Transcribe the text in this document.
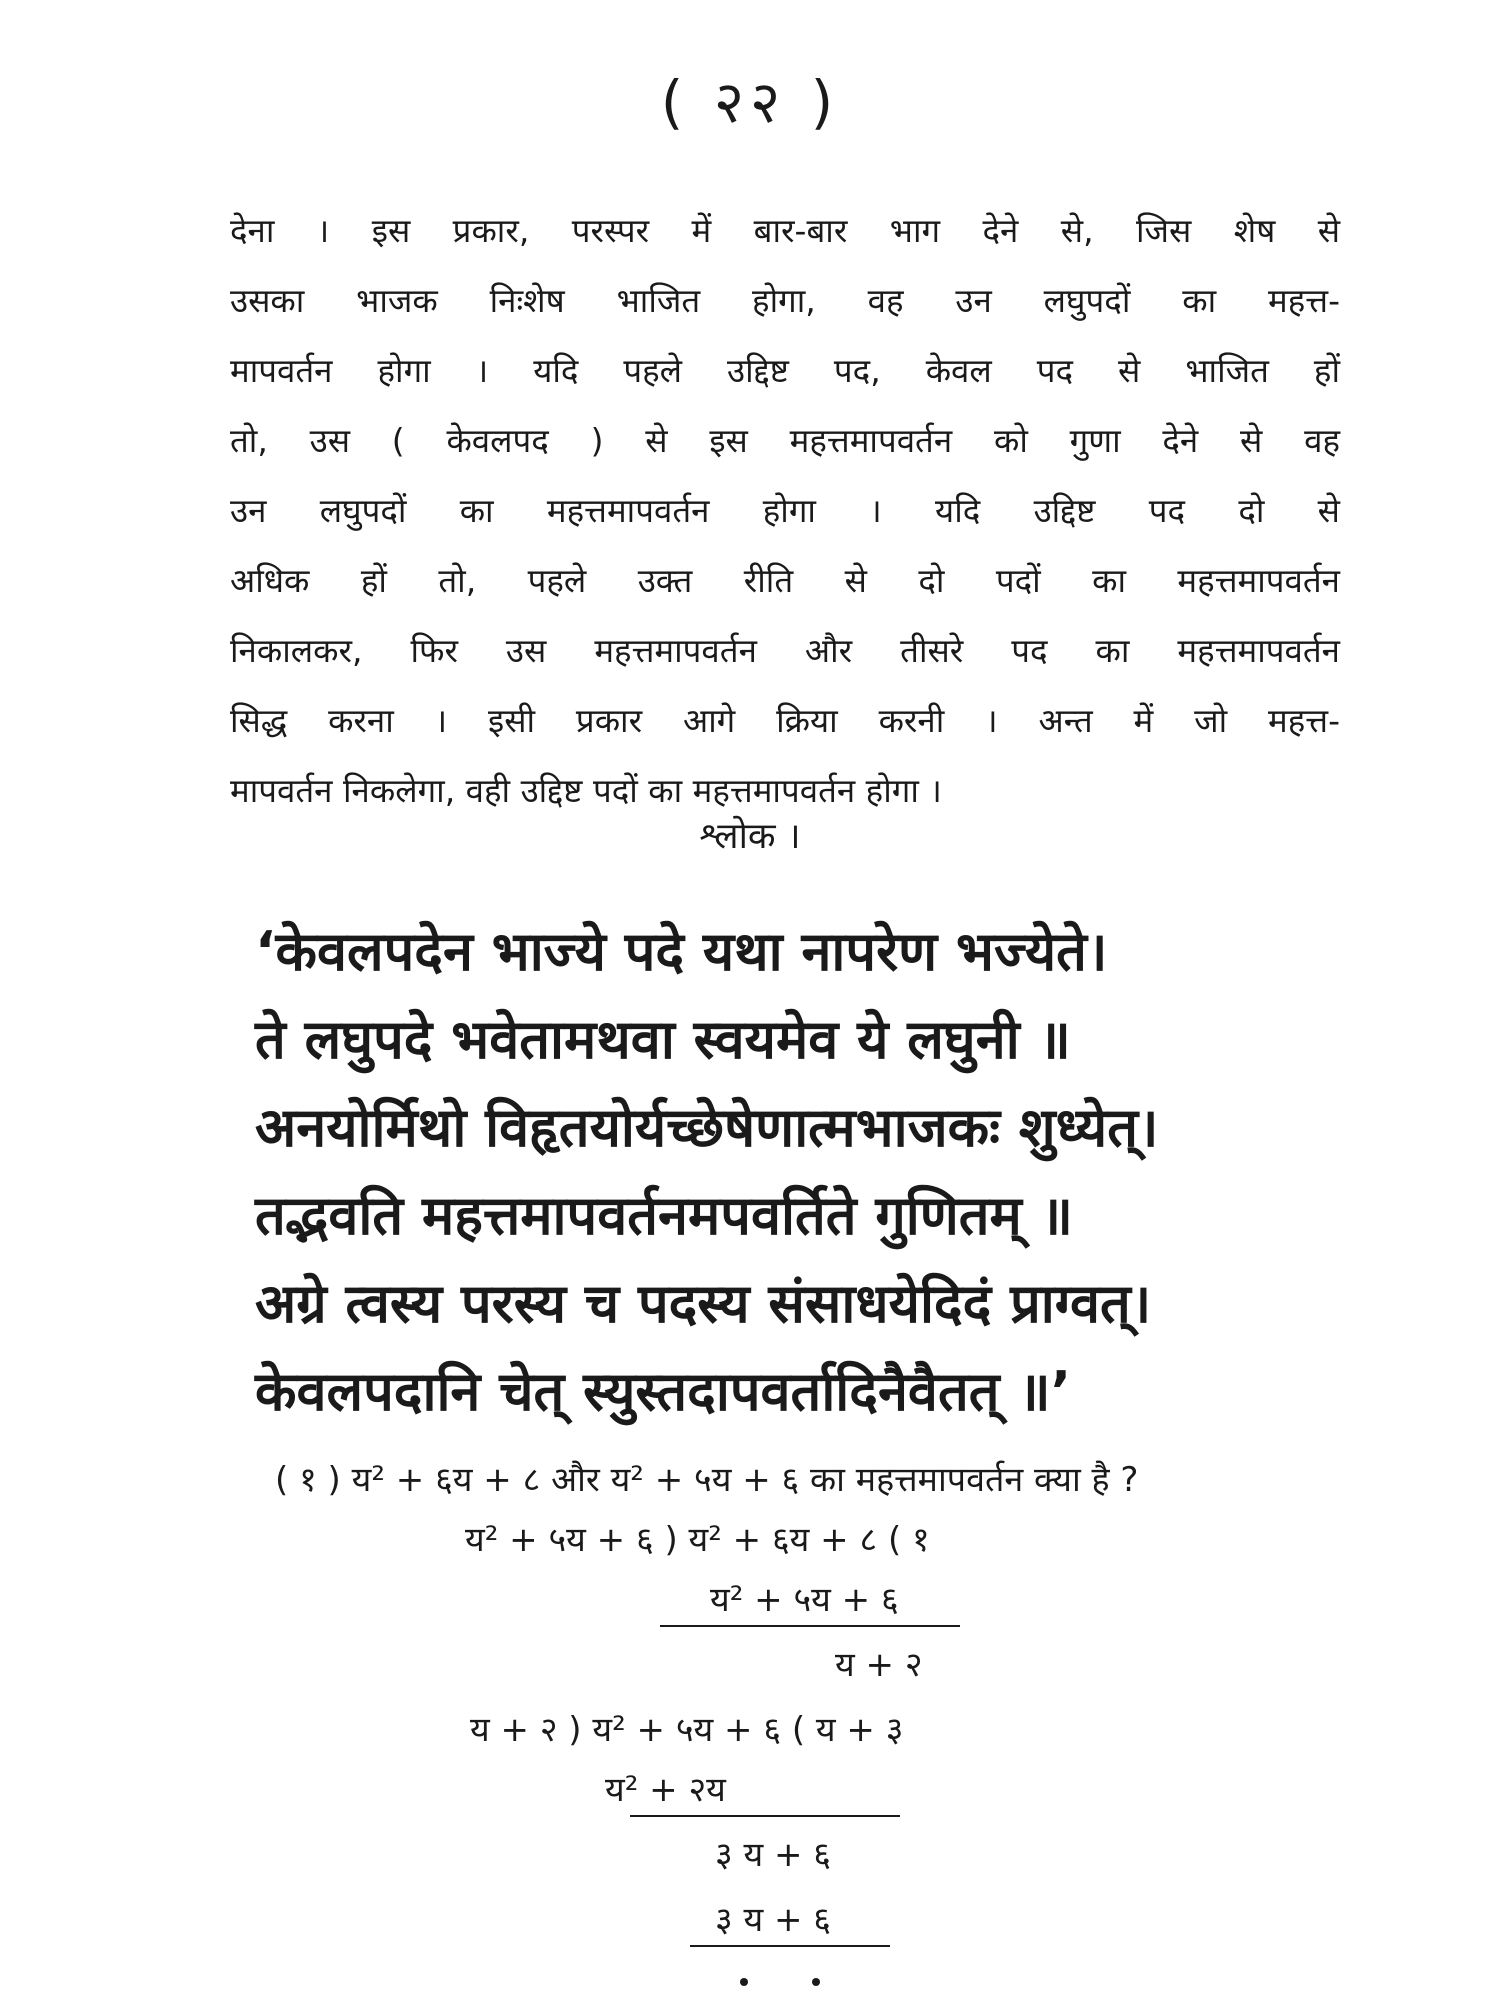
( २२ )
देना । इस प्रकार, परस्पर में बार-बार भाग देने से, जिस शेष से
उसका भाजक निःशेष भाजित होगा, वह उन लघुपदों का महत्त-
मापवर्तन होगा । यदि पहले उद्दिष्ट पद, केवल पद से भाजित हों
तो, उस ( केवलपद ) से इस महत्तमापवर्तन को गुणा देने से वह
उन लघुपदों का महत्तमापवर्तन होगा । यदि उद्दिष्ट पद दो से
अधिक हों तो, पहले उक्त रीति से दो पदों का महत्तमापवर्तन
निकालकर, फिर उस महत्तमापवर्तन और तीसरे पद का महत्तमापवर्तन
सिद्ध करना । इसी प्रकार आगे क्रिया करनी । अन्त में जो महत्त-
मापवर्तन निकलेगा, वही उद्दिष्ट पदों का महत्तमापवर्तन होगा ।
श्लोक ।
‘केवलपदेन भाज्ये पदे यथा नापरेण भज्येते।
ते लघुपदे भवेतामथवा स्वयमेव ये लघुनी ॥
अनयोर्मिथो विहृतयोर्यच्छेषेणात्मभाजकः शुध्येत्।
तद्भवति महत्तमापवर्तनमपवर्तिते गुणितम् ॥
अग्रे त्वस्य परस्य च पदस्य संसाधयेदिदं प्राग्वत्।
केवलपदानि चेत् स्युस्तदापवर्तादिनैवैतत् ॥’
( १ ) य² + ६य + ८ और य² + ५य + ६ का महत्तमापवर्तन क्या है ?
य² + ५य + ६ ) य² + ६य + ८ ( १
य² + ५य + ६
य + २
य + २ ) य² + ५य + ६ ( य + ३
य² + २य
३ य + ६
३ य + ६
